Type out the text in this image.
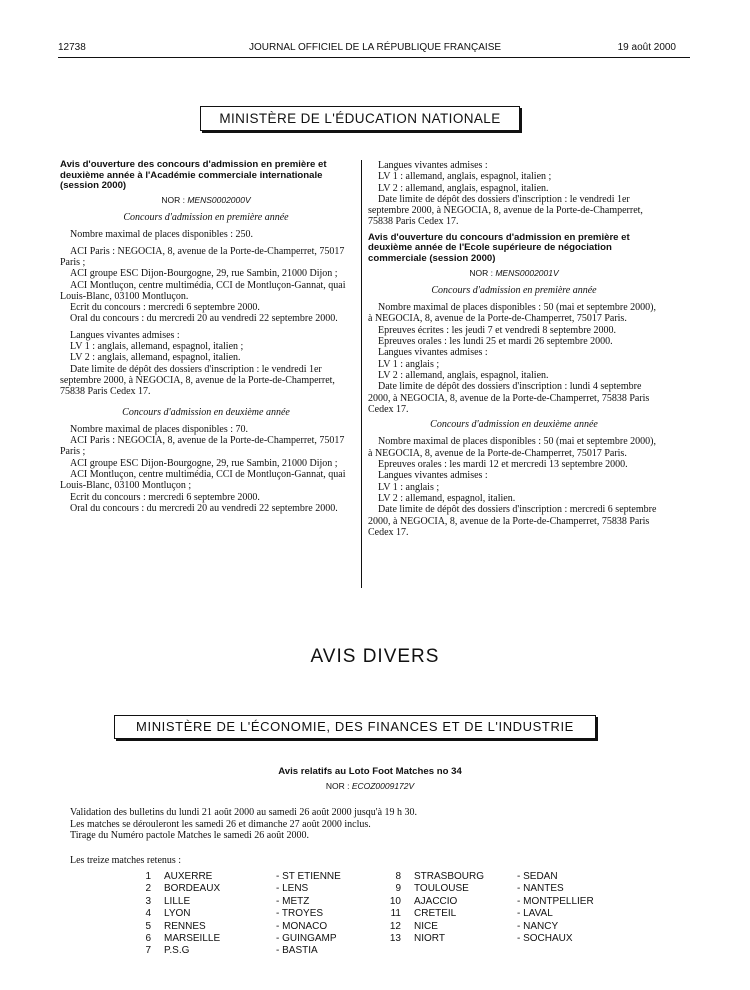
12738	JOURNAL OFFICIEL DE LA RÉPUBLIQUE FRANÇAISE	19 août 2000
MINISTÈRE DE L'ÉDUCATION NATIONALE
Avis d'ouverture des concours d'admission en première et deuxième année à l'Académie commerciale internationale (session 2000)
NOR : MENS0002000V
Concours d'admission en première année

Nombre maximal de places disponibles : 250.

ACI Paris : NEGOCIA, 8, avenue de la Porte-de-Champerret, 75017 Paris ;

ACI groupe ESC Dijon-Bourgogne, 29, rue Sambin, 21000 Dijon ;

ACI Montluçon, centre multimédia, CCI de Montluçon-Gannat, quai Louis-Blanc, 03100 Montluçon.

Ecrit du concours : mercredi 6 septembre 2000.

Oral du concours : du mercredi 20 au vendredi 22 septembre 2000.

Langues vivantes admises :

LV 1 : anglais, allemand, espagnol, italien ;

LV 2 : anglais, allemand, espagnol, italien.

Date limite de dépôt des dossiers d'inscription : le vendredi 1er septembre 2000, à NEGOCIA, 8, avenue de la Porte-de-Champerret, 75838 Paris Cedex 17.

Concours d'admission en deuxième année

Nombre maximal de places disponibles : 70.

ACI Paris : NEGOCIA, 8, avenue de la Porte-de-Champerret, 75017 Paris ;

ACI groupe ESC Dijon-Bourgogne, 29, rue Sambin, 21000 Dijon ;

ACI Montluçon, centre multimédia, CCI de Montluçon-Gannat, quai Louis-Blanc, 03100 Montluçon ;

Ecrit du concours : mercredi 6 septembre 2000.

Oral du concours : du mercredi 20 au vendredi 22 septembre 2000.

Langues vivantes admises :

LV 1 : allemand, anglais, espagnol, italien ;

LV 2 : allemand, anglais, espagnol, italien.

Date limite de dépôt des dossiers d'inscription : le vendredi 1er septembre 2000, à NEGOCIA, 8, avenue de la Porte-de-Champerret, 75838 Paris Cedex 17.

Avis d'ouverture du concours d'admission en première et deuxième année de l'Ecole supérieure de négociation commerciale (session 2000)
NOR : MENS0002001V
Concours d'admission en première année

Nombre maximal de places disponibles : 50 (mai et septembre 2000), à NEGOCIA, 8, avenue de la Porte-de-Champerret, 75017 Paris.

Epreuves écrites : les jeudi 7 et vendredi 8 septembre 2000.

Epreuves orales : les lundi 25 et mardi 26 septembre 2000.

Langues vivantes admises :

LV 1 : anglais ;

LV 2 : allemand, anglais, espagnol, italien.

Date limite de dépôt des dossiers d'inscription : lundi 4 septembre 2000, à NEGOCIA, 8, avenue de la Porte-de-Champerret, 75838 Paris Cedex 17.

Concours d'admission en deuxième année

Nombre maximal de places disponibles : 50 (mai et septembre 2000), à NEGOCIA, 8, avenue de la Porte-de-Champerret, 75017 Paris.

Epreuves orales : les mardi 12 et mercredi 13 septembre 2000.

Langues vivantes admises :

LV 1 : anglais ;

LV 2 : allemand, espagnol, italien.

Date limite de dépôt des dossiers d'inscription : mercredi 6 septembre 2000, à NEGOCIA, 8, avenue de la Porte-de-Champerret, 75838 Paris Cedex 17.

AVIS DIVERS
MINISTÈRE DE L'ÉCONOMIE, DES FINANCES ET DE L'INDUSTRIE
Avis relatifs au Loto Foot Matches no 34
NOR : ECOZ0009172V

Validation des bulletins du lundi 21 août 2000 au samedi 26 août 2000 jusqu'à 19 h 30.

Les matches se dérouleront les samedi 26 et dimanche 27 août 2000 inclus.

Tirage du Numéro pactole Matches le samedi 26 août 2000.

Les treize matches retenus :
1	AUXERRE	- ST ETIENNE
2	BORDEAUX	- LENS
3	LILLE	- METZ
4	LYON	- TROYES
5	RENNES	- MONACO
6	MARSEILLE	- GUINGAMP
7	P.S.G	- BASTIA
8	STRASBOURG	- SEDAN
9	TOULOUSE	- NANTES
10	AJACCIO	- MONTPELLIER
11	CRETEIL	- LAVAL
12	NICE	- NANCY
13	NIORT	- SOCHAUX
